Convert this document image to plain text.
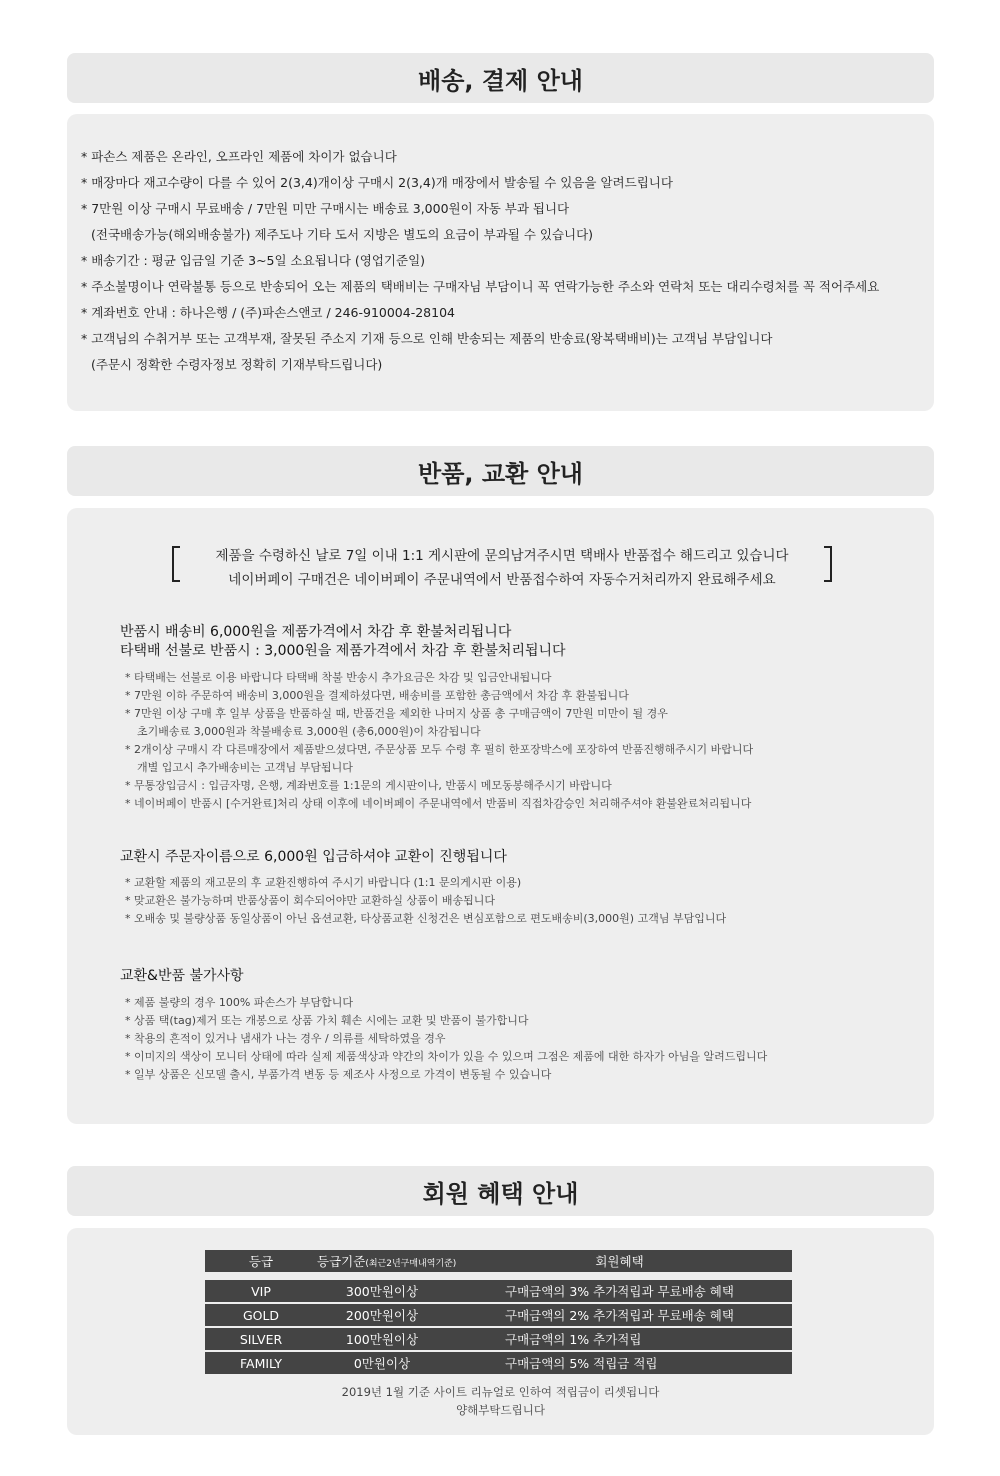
배송, 결제 안내
* 파손스 제품은 온라인, 오프라인 제품에 차이가 없습니다
* 매장마다 재고수량이 다를 수 있어 2(3,4)개이상 구매시 2(3,4)개 매장에서 발송될 수 있음을 알려드립니다
* 7만원 이상 구매시 무료배송 / 7만원 미만 구매시는 배송료 3,000원이 자동 부과 됩니다
(전국배송가능(해외배송불가) 제주도나 기타 도서 지방은 별도의 요금이 부과될 수 있습니다)
* 배송기간 : 평균 입금일 기준 3~5일 소요됩니다 (영업기준일)
* 주소불명이나 연락불통 등으로 반송되어 오는 제품의 택배비는 구매자님 부담이니 꼭 연락가능한 주소와 연락처 또는 대리수령처를 꼭 적어주세요
* 계좌번호 안내 : 하나은행 / (주)파손스앤코 / 246-910004-28104
* 고객님의 수취거부 또는 고객부재, 잘못된 주소지 기재 등으로 인해 반송되는 제품의 반송료(왕복택배비)는 고객님 부담입니다
(주문시 정확한 수령자정보 정확히 기재부탁드립니다)
반품, 교환 안내
제품을 수령하신 날로 7일 이내 1:1 게시판에 문의남겨주시면 택배사 반품접수 해드리고 있습니다
네이버페이 구매건은 네이버페이 주문내역에서 반품접수하여 자동수거처리까지 완료해주세요
반품시 배송비 6,000원을 제품가격에서 차감 후 환불처리됩니다
타택배 선불로 반품시 : 3,000원을 제품가격에서 차감 후 환불처리됩니다
* 타택배는 선불로 이용 바랍니다 타택배 착불 반송시 추가요금은 차감 및 입금안내됩니다
* 7만원 이하 주문하여 배송비 3,000원을 결제하셨다면, 배송비를 포함한 총금액에서 차감 후 환불됩니다
* 7만원 이상 구매 후 일부 상품을 반품하실 때, 반품건을 제외한 나머지 상품 총 구매금액이 7만원 미만이 될 경우
초기배송료 3,000원과 착불배송료 3,000원 (총6,000원)이 차감됩니다
* 2개이상 구매시 각 다른매장에서 제품받으셨다면, 주문상품 모두 수령 후 필히 한포장박스에 포장하여 반품진행해주시기 바랍니다
개별 입고시 추가배송비는 고객님 부담됩니다
* 무통장입금시 : 입금자명, 은행, 계좌번호를 1:1문의 게시판이나, 반품시 메모동봉해주시기 바랍니다
* 네이버페이 반품시 [수거완료]처리 상태 이후에 네이버페이 주문내역에서 반품비 직접차감승인 처리해주셔야 환불완료처리됩니다
교환시 주문자이름으로 6,000원 입금하셔야 교환이 진행됩니다
* 교환할 제품의 재고문의 후 교환진행하여 주시기 바랍니다 (1:1 문의게시판 이용)
* 맞교환은 불가능하며 반품상품이 회수되어야만 교환하실 상품이 배송됩니다
* 오배송 및 불량상품 동일상품이 아닌 옵션교환, 타상품교환 신청건은 변심포함으로 편도배송비(3,000원) 고객님 부담입니다
교환&반품 불가사항
* 제품 불량의 경우 100% 파손스가 부담합니다
* 상품 택(tag)제거 또는 개봉으로 상품 가치 훼손 시에는 교환 및 반품이 불가합니다
* 착용의 흔적이 있거나 냄새가 나는 경우 / 의류를 세탁하였을 경우
* 이미지의 색상이 모니터 상태에 따라 실제 제품색상과 약간의 차이가 있을 수 있으며 그점은 제품에 대한 하자가 아님을 알려드립니다
* 일부 상품은 신모델 출시, 부품가격 변동 등 제조사 사정으로 가격이 변동될 수 있습니다
회원 혜택 안내
등급	등급기준(최근2년구매내역기준)	회원혜택
VIP	300만원이상	구매금액의 3% 추가적립과 무료배송 혜택
GOLD	200만원이상	구매금액의 2% 추가적립과 무료배송 혜택
SILVER	100만원이상	구매금액의 1% 추가적립
FAMILY	0만원이상	구매금액의 5% 적립금 적립
2019년 1월 기준 사이트 리뉴얼로 인하여 적립금이 리셋됩니다
양해부탁드립니다
